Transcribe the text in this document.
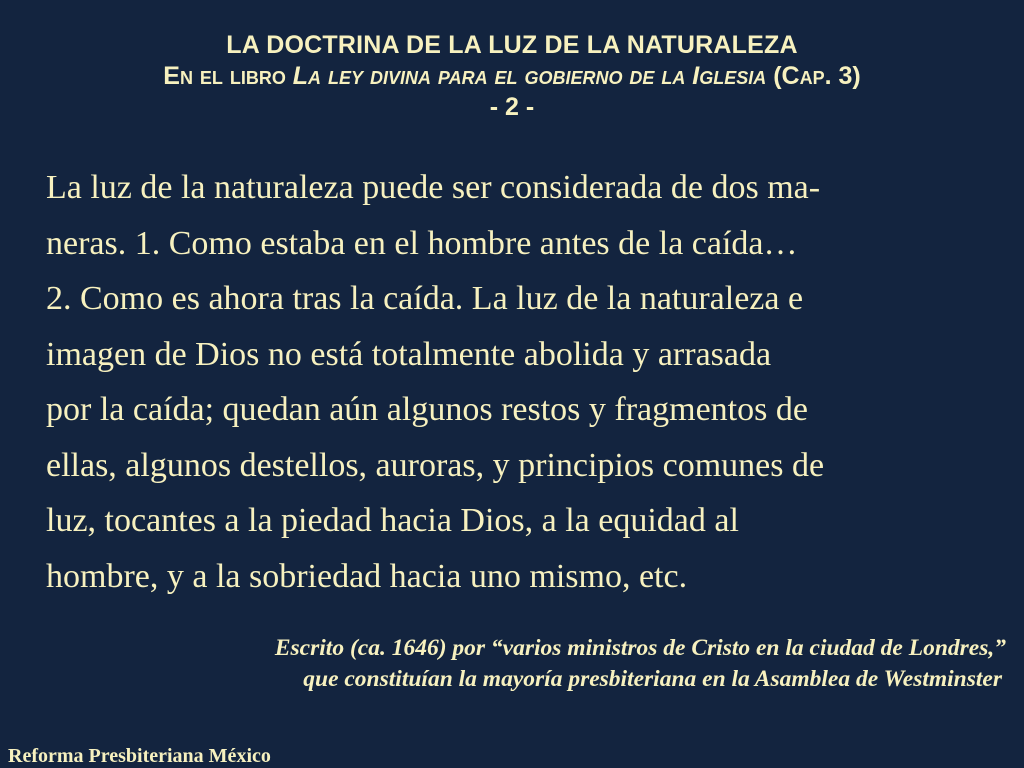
LA DOCTRINA DE LA LUZ DE LA NATURALEZA
En el libro La ley divina para el gobierno de la Iglesia (Cap. 3)
- 2 -
La luz de la naturaleza puede ser considerada de dos ma-
neras. 1. Como estaba en el hombre antes de la caída…
2. Como es ahora tras la caída. La luz de la naturaleza e
imagen de Dios no está totalmente abolida y arrasada
por la caída; quedan aún algunos restos y fragmentos de
ellas, algunos destellos, auroras, y principios comunes de
luz, tocantes a la piedad hacia Dios, a la equidad al
hombre, y a la sobriedad hacia uno mismo, etc.
Escrito (ca. 1646) por “varios ministros de Cristo en la ciudad de Londres,”
que constituían la mayoría presbiteriana en la Asamblea de Westminster
Reforma Presbiteriana México
